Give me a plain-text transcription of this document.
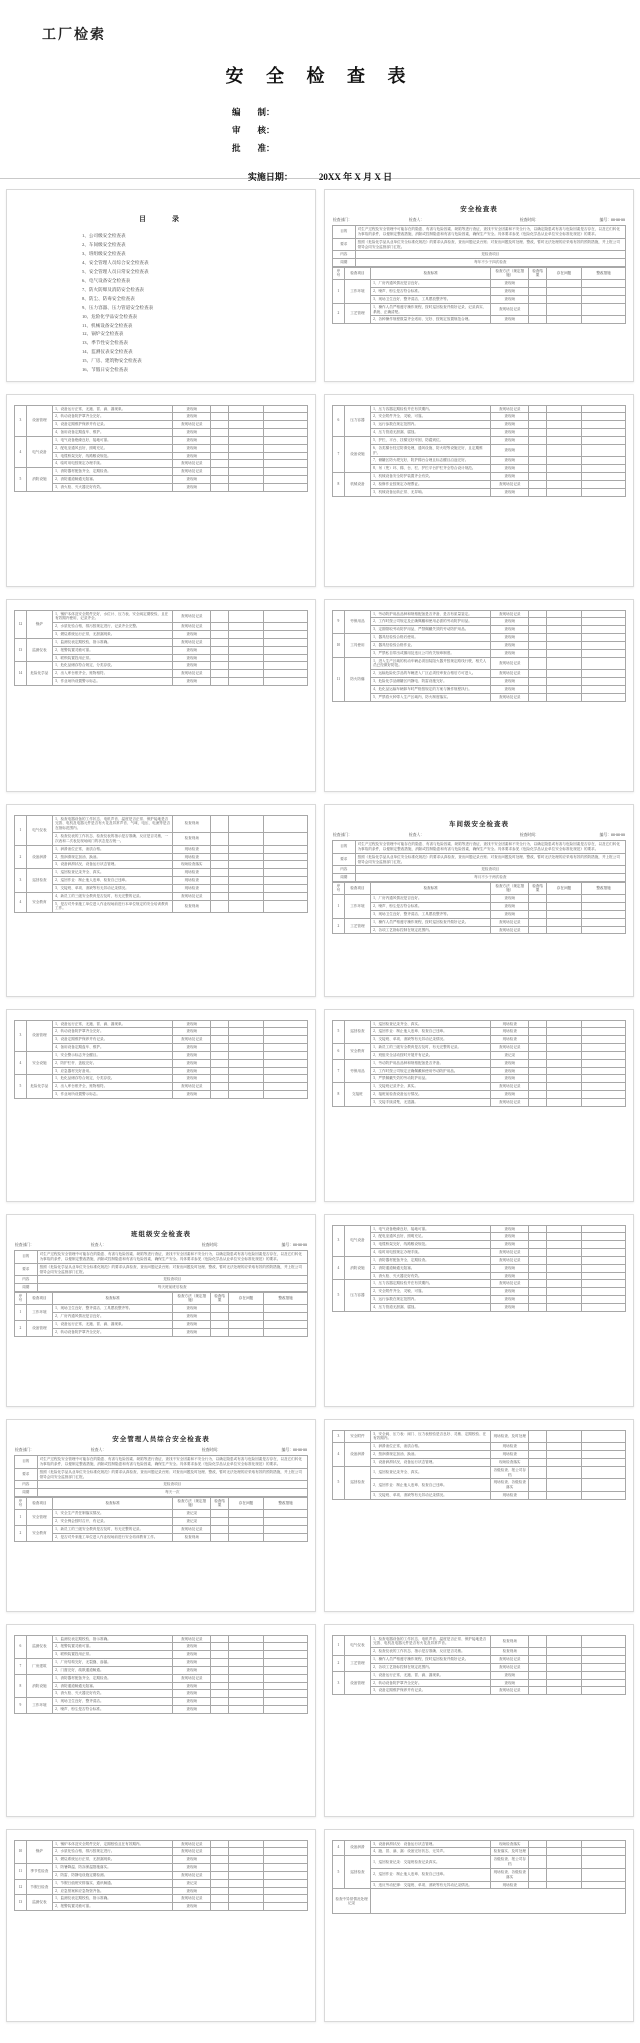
工厂检索
安 全 检 查 表
编　　制：
审　　核：
批　　准：
实施日期：	20XX 年 X 月 X 日
目　　录
1、公司级安全检查表
2、车间级安全检查表
3、班组级安全检查表
4、安全管理人员综合安全检查表
5、安全管理人员日常安全检查表
6、电气设备安全检查表
7、防火防爆及消防安全检查表
8、防尘、防毒安全检查表
9、压力容器、压力管道安全检查表
10、危险化学品安全检查表
11、机械设备安全检查表
12、锅炉安全检查表
13、季节性安全检查表
14、监测仪表安全检查表
15、厂房、建筑物安全检查表
16、节假日安全检查表
安全检查表
检查部门：	检查人：	检查时间：	编号：##-##-##
目的	对生产过程及安全管理中可能存在的隐患、有害与危险因素、缺陷等进行查证，查找不安全因素和不安全行为，以确定隐患或有害与危险因素是否存在，以及它们转化为事故的条件，以便制定整改措施，消除或控制隐患和有害与危险因素，确保生产安全。具体要求参见《危险化学品从业单位安全标准化规范》的要求。
要求	按照《危险化学品从业单位安全标准化规范》的要求认真检查，查出问题记录台账；对查出问题及时处理、整改，暂时无法处理的应采取有效的预防措施，并上报公司领导会同安全监督部门汇报。
内容	见检查项目
周期	每年不少于四次检查
序号	检查项目	检查标准	检查方法（规定措施）	检查结果	存在问题	整改措施
1	工作环境	1、厂房内通风情况是否良好。	查现场			
		2、噪声、粉尘是否符合标准。	查现场			
		3、现场卫生良好、整齐清洁、工具摆放整齐等。	查现场			
2	工艺管理	1、操作人员严格遵守操作规程，按时巡回检查并做好记录，记录真实、系统、正确清楚。	查现场及记录			
		2、各种操作规程数量齐全适用、完好、按规定放置规范合理。	查现场			
3	设备管理	1、设备运行正常，无跑、冒、滴、漏现象。	查现场			
		2、转动设备防护罩齐全完好。	查现场			
		3、设备定期维护保养并有记录。	查现场及记录			
		4、备用设备定期盘车、维护。	查现场			
4	电气设备	1、电气设备绝缘良好，接地可靠。	查现场			
		2、配电室通风良好，照明充足。	查现场			
		3、电缆桥架完好，线路敷设规范。	查现场			
		4、临时用电按规定办理手续。	查现场及记录			
5	消防设施	1、消防器材配备齐全，定期检查。	查现场及记录			
		2、消防通道畅通无阻塞。	查现场			
		3、消火栓、灭火器完好有效。	查现场			
6	压力容器	1、压力容器定期检验并在有效期内。	查现场及记录			
		2、安全附件齐全、灵敏、可靠。	查现场			
		3、运行参数在规定范围内。	查现场			
		4、压力管道无泄漏、腐蚀。	查现场			
7	设备设施	5、护栏、平台、扶梯完好牢固，防腐到位。	查现场			
		6、各类梯台经过防滑处理，通风设施、防火堤等设施完好，且定期维护。	查现场			
		7、储罐区防火堤完好，防护梯台合理且标志醒目沿途完好。	查现场			
		8、吊（兜）环、梯、台、栏、护栏平台护栏齐全符合设计规范。	查现场			
8	机械设备	1、机械设备安全防护装置齐全有效。	查现场			
		2、检修作业按规定办理票证。	查现场及记录			
		3、机械设备运转正常、无异响。	查现场			
12	锅炉	1、锅炉本体及安全附件完好，水位计、压力表、安全阀定期校验，且在有效期内使用，记录齐全。	查现场及记录			
		2、水质化验合格，排污按规定进行，记录齐全完整。	查现场及记录			
		3、燃烧系统运行正常，无泄漏现象。	查现场			
13	监测仪表	1、监测仪表定期校验，指示准确。	查现场及记录			
		2、报警装置灵敏可靠。	查现场			
		3、联锁装置投用正常。	查现场			
14	危险化学品	1、危化品储存符合规定，分类存放。	查现场			
		2、出入库台账齐全，账物相符。	查现场及记录			
		3、作业场所设置警示标志。	查现场			
9	劳保用品	1、劳动防护用品品种和规格配备是否齐备，是否有质量鉴定。	查现场及记录			
		2、工作时按公司规定及正确佩戴和使用必需的劳动防护用品。	查现场			
		3、定期领取劳动防护用品，严禁佩戴失效的劳动防护用品。	查现场			
10	工具使用	1、器具经检验合格后使用。	查现场			
		2、器具经检验合格作业。	查现场			
		3、严禁私自带出或挪用及违反公司有关规章制度。	查现场			
11	防火防爆	1、进入生产区域的机动车辆必须加装阻火器并按规定路线行驶，相关人员已经做好防范。	查现场及记录			
		2、运输危险化学品的车辆进入厂区必须经审查合格后方可进入。	查现场及记录			
		3、危险化学品储罐区内静电、防雷设施完好。	查现场			
		4、危化品运输车辆卸车时严格按规定的方案与操作规程执行。	查现场			
		5、严禁将火种带入生产区域内，防火制度落实。	查现场及记录			
1	电气仪表	1、检查电器设备的工作状态、电机声音、温度是否正常、保护接地是否完善、电机及电器元件是否有火花及异常声音、气味，电压、电流等是否在指标范围内。	检查现场			
		2、检查仪表的工作状态、检查仪表的指示是否准确、反应是否灵敏，一次表和二次表及现场阀门的状态是否统一。	检查现场			
2	设备润滑	1、润滑油位正常，油质合格。	现场检查			
		2、按润滑规定加油、换油。	现场检查			
		3、设备润滑状况，设备运行状态管理。	现场检查落实			
3	巡回检查	1、巡回检查记录齐全、真实。	现场检查			
		2、巡回作业：制止他人违章、检查自己违章。	现场检查			
		3、交接班、单项、消缺等有无异动记录情况。	现场检查			
4	安全教育	4、新员工的三级安全教育是否及时，有无完整的记录。	查现场及记录			
		5、是否对外来施工单位进入作业现场前进行本单位规定的安全培训教育工作。	检查现场			
车间级安全检查表
检查部门：	检查人：	检查时间：	编号：##-##-##
目的	对生产过程及安全管理中可能存在的隐患、有害与危险因素、缺陷等进行查证，查找不安全因素和不安全行为，以确定隐患或有害与危险因素是否存在，以及它们转化为事故的条件，以便制定整改措施，消除或控制隐患和有害与危险因素，确保生产安全。具体要求参见《危险化学品从业单位安全标准化规范》的要求。
要求	按照《危险化学品从业单位安全标准化规范》的要求认真检查，查出问题记录台账；对查出问题及时处理、整改，暂时无法处理的应采取有效的预防措施，并上报公司领导会同安全监督部门汇报。
内容	见检查项目
周期	每月不少于两次检查
序号	检查项目	检查标准	检查方法（规定措施）	检查结果	存在问题	整改措施
1	工作环境	1、厂房内通风情况是否良好。	查现场			
		2、噪声、粉尘是否符合标准。	查现场			
		3、现场卫生良好、整齐清洁、工具摆放整齐等。	查现场			
2	工艺管理	1、操作人员严格遵守操作规程，按时巡回检查并做好记录。	查现场及记录			
		2、各项工艺指标控制在规定范围内。	查现场及记录			
3	设备管理	1、设备运行正常，无跑、冒、滴、漏现象。	查现场			
		2、转动设备防护罩齐全完好。	查现场			
		3、设备定期维护保养并有记录。	查现场及记录			
		4、备用设备定期盘车、维护。	查现场			
4	安全设施	1、安全警示标志齐全醒目。	查现场			
		2、防护栏杆、盖板完好。	查现场			
		3、应急器材完好备用。	查现场			
5	危险化学品	1、危化品储存符合规定，分类存放。	查现场			
		2、出入库台账齐全，账物相符。	查现场及记录			
		3、作业场所设置警示标志。	查现场			
5	巡回检查	1、巡回检查记录齐全、真实。	现场检查			
		2、巡回作业：制止他人违章、检查自己违章。	现场检查			
		3、交接班、单项、消缺等有无异动记录情况。	现场检查			
6	安全教育	1、新员工的三级安全教育是否及时，有无完整的记录。	查现场及记录			
		2、班组安全活动按时开展并有记录。	查记录			
7	劳保用品	1、劳动防护用品品种和规格配备是否齐备。	查现场			
		2、工作时按公司规定正确佩戴和使用劳动防护用品。	查现场			
		3、严禁佩戴失效的劳动防护用品。	查现场			
8	交接班	1、交接班记录齐全、真实。	查现场及记录			
		2、接班前检查设备运行情况。	查现场			
		3、交接手续清楚，无遗漏。	查现场及记录			
班组级安全检查表
检查部门：	检查人：	检查时间：	编号：##-##-##
目的	对生产过程及安全管理中可能存在的隐患、有害与危险因素、缺陷等进行查证，查找不安全因素和不安全行为，以确定隐患或有害与危险因素是否存在，以及它们转化为事故的条件，以便制定整改措施，消除或控制隐患和有害与危险因素，确保生产安全。具体要求参见《危险化学品从业单位安全标准化规范》的要求。
要求	按照《危险化学品从业单位安全标准化规范》的要求认真检查，查出问题记录台账；对查出问题及时处理、整改，暂时无法处理的应采取有效的预防措施，并上报公司领导会同安全监督部门汇报。
内容	见检查项目
周期	每天班前班后检查
序号	检查项目	检查标准	检查方法（规定措施）	检查结果	存在问题	整改措施
1	工作环境	1、现场卫生良好、整齐清洁、工具摆放整齐等。	查现场			
		2、厂房内通风情况是否良好。	查现场			
2	设备管理	1、设备运行正常，无跑、冒、滴、漏现象。	查现场			
		2、转动设备防护罩齐全完好。	查现场			
3	电气设备	1、电气设备绝缘良好，接地可靠。	查现场			
		2、配电室通风良好，照明充足。	查现场			
		3、电缆桥架完好，线路敷设规范。	查现场			
		4、临时用电按规定办理手续。	查现场及记录			
4	消防设施	1、消防器材配备齐全，定期检查。	查现场及记录			
		2、消防通道畅通无阻塞。	查现场			
		3、消火栓、灭火器完好有效。	查现场			
5	压力容器	1、压力容器定期检验并在有效期内。	查现场及记录			
		2、安全附件齐全、灵敏、可靠。	查现场			
		3、运行参数在规定范围内。	查现场			
		4、压力管道无泄漏、腐蚀。	查现场			
安全管理人员综合安全检查表
检查部门：	检查人：	检查时间：	编号：##-##-##
目的	对生产过程及安全管理中可能存在的隐患、有害与危险因素、缺陷等进行查证，查找不安全因素和不安全行为，以确定隐患或有害与危险因素是否存在，以及它们转化为事故的条件，以便制定整改措施，消除或控制隐患和有害与危险因素，确保生产安全。具体要求参见《危险化学品从业单位安全标准化规范》的要求。
要求	按照《危险化学品从业单位安全标准化规范》的要求认真检查，查出问题记录台账；对查出问题及时处理、整改，暂时无法处理的应采取有效的预防措施，并上报公司领导会同安全监督部门汇报。
内容	见检查项目
周期	每天一次
序号	检查项目	检查标准	检查方法（规定措施）	检查结果	存在问题	整改措施
1	安全管理	1、安全生产责任制落实情况。	查记录			
		2、安全例会按时召开，有记录。	查记录			
2	安全教育	1、新员工的三级安全教育是否及时，有无完整的记录。	查现场及记录			
		2、是否对外来施工单位进入作业现场前进行安全培训教育工作。	检查现场			
3	安全附件	3、安全阀、压力表：阀门、压力表校验是否良好、灵敏、定期校验、在有效期内。	现场检查、及时处理			
4	设备润滑	1、润滑油位正常，油质合格。	现场检查			
		2、按润滑规定加油、换油。	现场检查			
		3、设备润滑状况，设备运行状态管理。	现场检查落实			
5	巡回检查	1、巡回检查记录齐全、真实。	各级检查、报公司存档			
		2、巡回作业：制止他人违章、检查自己违章。	现场检查、各级检查落实			
		3、交接班、单项、消缺等有无异动记录情况。	现场检查			
6	监测仪表	1、监测仪表定期校验，指示准确。	查现场及记录			
		2、报警装置灵敏可靠。	查现场			
		3、联锁装置投用正常。	查现场			
7	厂房建筑	1、厂房结构完好，无裂缝、渗漏。	查现场			
		2、门窗完好，疏散通道畅通。	查现场			
8	消防设施	1、消防器材配备齐全，定期检查。	查现场及记录			
		2、消防通道畅通无阻塞。	查现场			
		3、消火栓、灭火器完好有效。	查现场			
9	工作环境	1、现场卫生良好、整齐清洁。	查现场			
		2、噪声、粉尘是否符合标准。	查现场			
1	电气仪表	1、检查电器设备的工作状态、电机声音、温度是否正常、保护接地是否完善、电机及电器元件是否有火花及异常声音。	检查现场			
		2、检查仪表的工作状态、指示是否准确、反应是否灵敏。	检查现场			
2	工艺管理	1、操作人员严格遵守操作规程，按时巡回检查并做好记录。	查现场及记录			
		2、各项工艺指标控制在规定范围内。	查现场及记录			
3	设备管理	1、设备运行正常，无跑、冒、滴、漏现象。	查现场			
		2、转动设备防护罩齐全完好。	查现场			
		3、设备定期维护保养并有记录。	查现场及记录			
10	锅炉	1、锅炉本体及安全附件完好，定期校验且在有效期内。	查现场及记录			
		2、水质化验合格，排污按规定进行。	查现场及记录			
		3、燃烧系统运行正常，无泄漏现象。	查现场			
11	季节性检查	1、防暑降温、防冻保温措施落实。	查现场			
		2、防雷、防静电设施定期检测。	查现场及记录			
12	节假日检查	1、节假日值班安排落实，通讯畅通。	查记录			
		2、应急预案和应急物资齐备。	查现场			
13	监测仪表	1、监测仪表定期校验，指示准确。	查现场及记录			
		2、报警装置灵敏可靠。	查现场			
4	设备润滑	3、设备润滑状况：设备运行状态管理。	现场检查落实			
		4、跑、冒、滴、漏：设备完好状态、无异声。	检查落实、及时处理			
5	巡回检查	1、巡回检查记录：交接班检查记录真实。	各级检查、报公司存档			
		2、巡回作业：制止他人违章、检查自己违章。	现场检查、各级检查落实			
		3、违反劳动纪律：交接班、单项、消缺等有无异动记录情况。	现场检查			
检查中异常情况处理记录						
